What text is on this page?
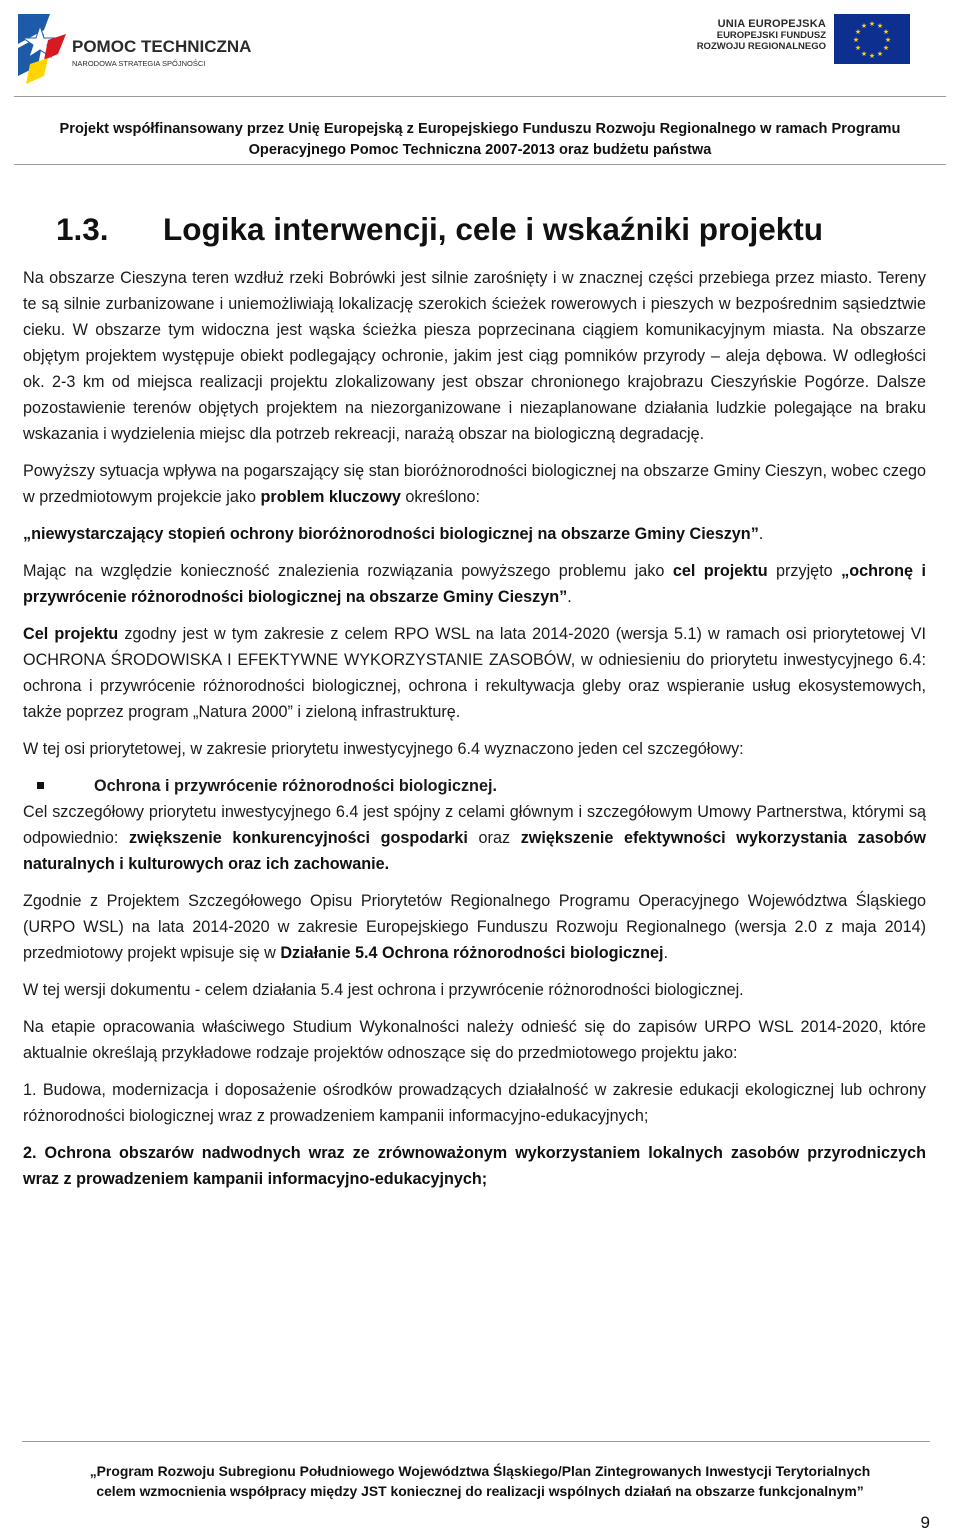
POMOC TECHNICZNA
NARODOWA STRATEGIA SPÓJNOŚCI
UNIA EUROPEJSKA
EUROPEJSKI FUNDUSZ
ROZWOJU REGIONALNEGO
★ ★
★
★
★
★
★
★
★
★
★
★
Projekt współfinansowany przez Unię Europejską z Europejskiego Funduszu Rozwoju Regionalnego w ramach Programu
Operacyjnego Pomoc Techniczna 2007-2013 oraz budżetu państwa
1.3. Logika interwencji, cele i wskaźniki projektu

Na obszarze Cieszyna teren wzdłuż rzeki Bobrówki jest silnie zarośnięty i w znacznej części przebiega przez miasto. Tereny te są silnie zurbanizowane i uniemożliwiają lokalizację szerokich ścieżek rowerowych i pieszych w bezpośrednim sąsiedztwie cieku. W obszarze tym widoczna jest wąska ścieżka piesza poprzecinana ciągiem komunikacyjnym miasta. Na obszarze objętym projektem występuje obiekt podlegający ochronie, jakim jest ciąg pomników przyrody – aleja dębowa. W odległości ok. 2-3 km od miejsca realizacji projektu zlokalizowany jest obszar chronionego krajobrazu Cieszyńskie Pogórze. Dalsze pozostawienie terenów objętych projektem na niezorganizowane i niezaplanowane działania ludzkie polegające na braku wskazania i wydzielenia miejsc dla potrzeb rekreacji, narażą obszar na biologiczną degradację.

Powyższy sytuacja wpływa na pogarszający się stan bioróżnorodności biologicznej na obszarze Gminy Cieszyn, wobec czego w przedmiotowym projekcie jako problem kluczowy określono:

„niewystarczający stopień ochrony bioróżnorodności biologicznej na obszarze Gminy Cieszyn”.

Mając na względzie konieczność znalezienia rozwiązania powyższego problemu jako cel projektu przyjęto „ochronę i przywrócenie różnorodności biologicznej na obszarze Gminy Cieszyn”.

Cel projektu zgodny jest w tym zakresie z celem RPO WSL na lata 2014-2020 (wersja 5.1) w ramach osi priorytetowej VI OCHRONA ŚRODOWISKA I EFEKTYWNE WYKORZYSTANIE ZASOBÓW, w odniesieniu do priorytetu inwestycyjnego 6.4: ochrona i przywrócenie różnorodności biologicznej, ochrona i rekultywacja gleby oraz wspieranie usług ekosystemowych, także poprzez program „Natura 2000” i zieloną infrastrukturę.

W tej osi priorytetowej, w zakresie priorytetu inwestycyjnego 6.4 wyznaczono jeden cel szczegółowy:

Ochrona i przywrócenie różnorodności biologicznej.

Cel szczegółowy priorytetu inwestycyjnego 6.4 jest spójny z celami głównym i szczegółowym Umowy Partnerstwa, którymi są odpowiednio: zwiększenie konkurencyjności gospodarki oraz zwiększenie efektywności wykorzystania zasobów naturalnych i kulturowych oraz ich zachowanie.

Zgodnie z Projektem Szczegółowego Opisu Priorytetów Regionalnego Programu Operacyjnego Województwa Śląskiego (URPO WSL) na lata 2014-2020 w zakresie Europejskiego Funduszu Rozwoju Regionalnego (wersja 2.0 z maja 2014) przedmiotowy projekt wpisuje się w Działanie 5.4 Ochrona różnorodności biologicznej.

W tej wersji dokumentu - celem działania 5.4 jest ochrona i przywrócenie różnorodności biologicznej.

Na etapie opracowania właściwego Studium Wykonalności należy odnieść się do zapisów URPO WSL 2014-2020, które aktualnie określają przykładowe rodzaje projektów odnoszące się do przedmiotowego projektu jako:

1. Budowa, modernizacja i doposażenie ośrodków prowadzących działalność w zakresie edukacji ekologicznej lub ochrony różnorodności biologicznej wraz z prowadzeniem kampanii informacyjno-edukacyjnych;

2. Ochrona obszarów nadwodnych wraz ze zrównoważonym wykorzystaniem lokalnych zasobów przyrodniczych wraz z prowadzeniem kampanii informacyjno-edukacyjnych;

„Program Rozwoju Subregionu Południowego Województwa Śląskiego/Plan Zintegrowanych Inwestycji Terytorialnych
celem wzmocnienia współpracy między JST koniecznej do realizacji wspólnych działań na obszarze funkcjonalnym”
9
